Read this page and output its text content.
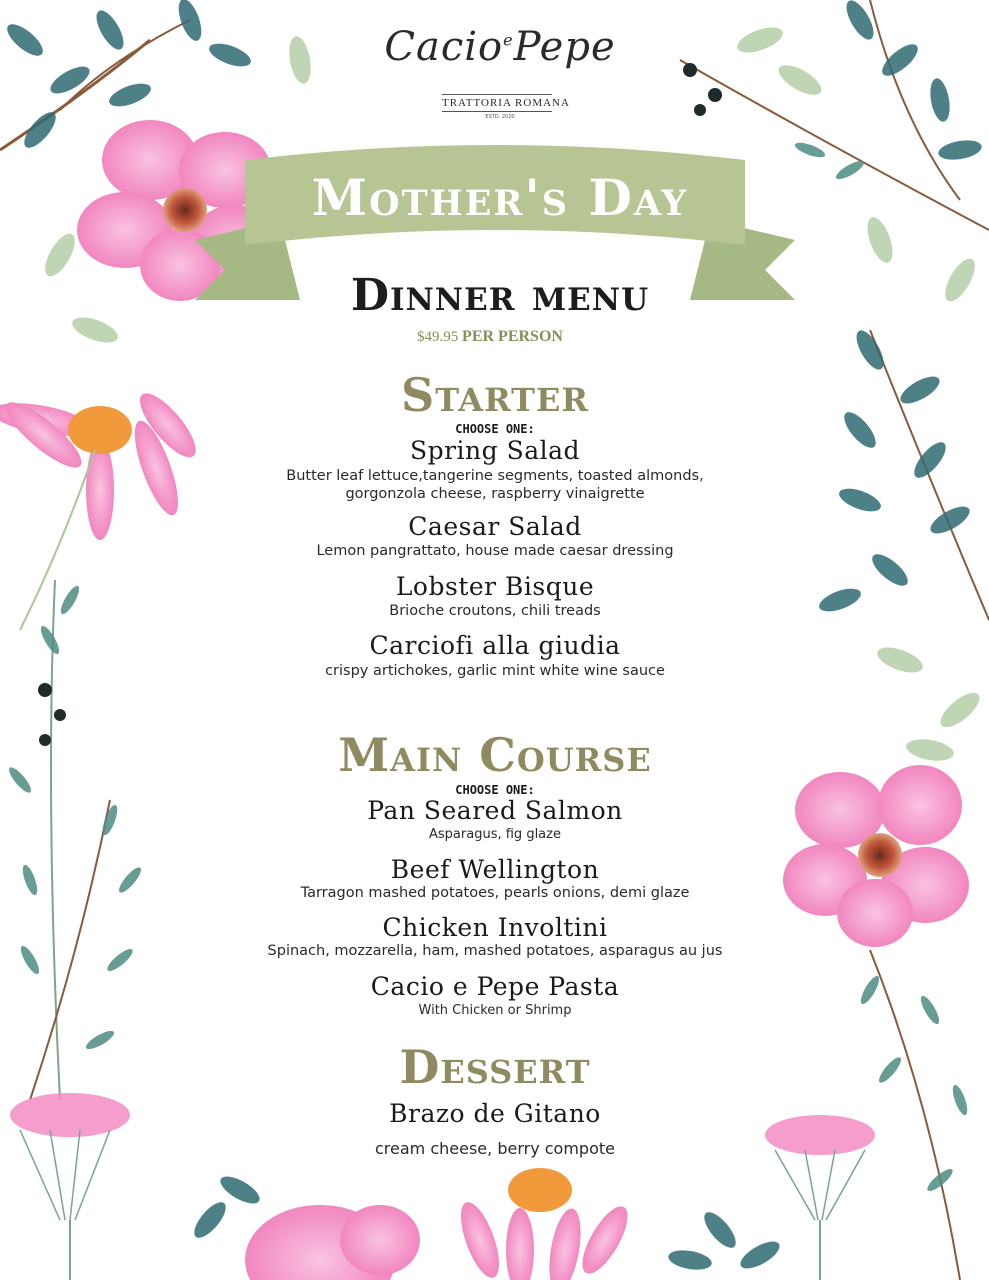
Cacio$^e$Pepe
TRATTORIA ROMANA
ESTD. 2020
Mother's Day
Dinner menu
$49.95 PER PERSON
Starter
CHOOSE ONE:
Spring Salad
Butter leaf lettuce,tangerine segments, toasted almonds,
gorgonzola cheese, raspberry vinaigrette
Caesar Salad
Lemon pangrattato, house made caesar dressing
Lobster Bisque
Brioche croutons, chili treads
Carciofi alla giudia
crispy artichokes, garlic mint white wine sauce
Main Course
CHOOSE ONE:
Pan Seared Salmon
Asparagus, fig glaze
Beef Wellington
Tarragon mashed potatoes, pearls onions, demi glaze
Chicken Involtini
Spinach, mozzarella, ham, mashed potatoes, asparagus au jus
Cacio e Pepe Pasta
With Chicken or Shrimp
Dessert
Brazo de Gitano
cream cheese, berry compote
